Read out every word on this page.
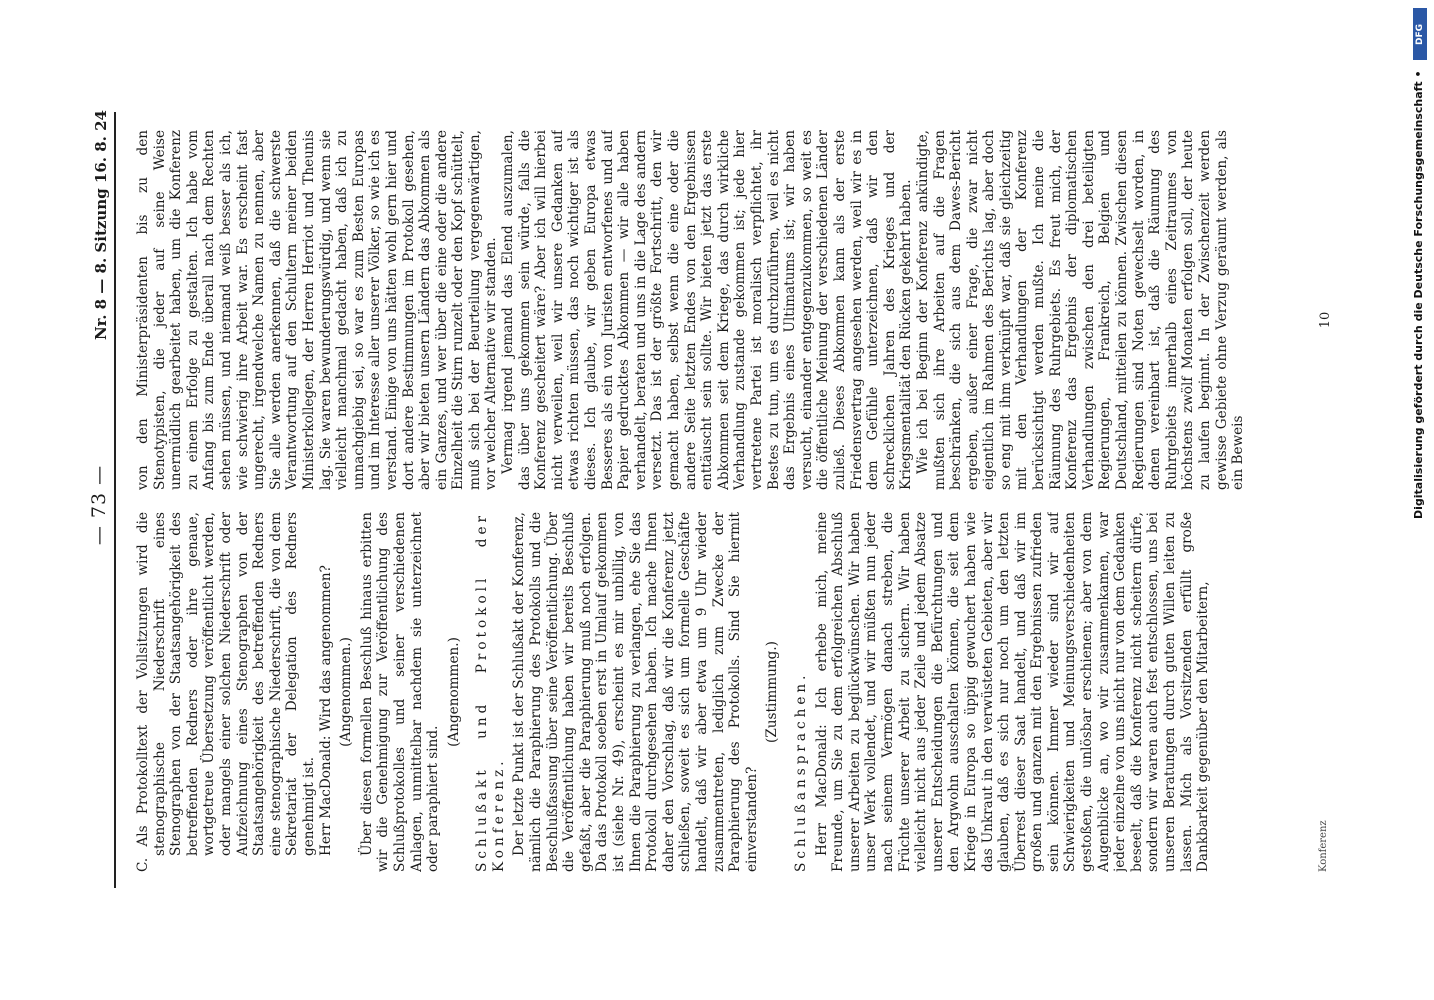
— 73 —
Nr. 8 — 8. Sitzung 16. 8. 24

C. Als Protokolltext der Vollsitzungen wird die stenographische Niederschrift eines Stenographen von der Staatsangehörigkeit des betreffenden Redners oder ihre genaue, wortgetreue Übersetzung veröffentlicht werden, oder mangels einer solchen Niederschrift oder Aufzeichnung eines Stenographen von der Staatsangehörigkeit des betreffenden Redners eine stenographische Niederschrift, die von dem Sekretariat der Delegation des Redners genehmigt ist. Herr MacDonald: Wird das angenommen? (Angenommen.) Über diesen formellen Beschluß hinaus erbitten wir die Genehmigung zur Veröffentlichung des Schlußprotokolles und seiner verschiedenen Anlagen, unmittelbar nachdem sie unterzeichnet oder paraphiert sind.

(Angenommen.) Schlußakt und Protokoll der Konferenz. Der letzte Punkt ist der Schlußakt der Konferenz, nämlich die Paraphierung des Protokolls und die Beschlußfassung über seine Veröffentlichung. Über die Veröffentlichung haben wir bereits Beschluß gefaßt, aber die Paraphierung muß noch erfolgen. Da das Protokoll soeben erst in Umlauf gekommen ist (siehe Nr. 49), erscheint es mir unbillig, von Ihnen die Paraphierung zu verlangen, ehe Sie das Protokoll durchgesehen haben. Ich mache Ihnen daher den Vorschlag, daß wir die Konferenz jetzt schließen, soweit es sich um formelle Geschäfte handelt, daß wir aber etwa um 9 Uhr wieder zusammentreten, lediglich zum Zwecke der Paraphierung des Protokolls. Sind Sie hiermit einverstanden?

(Zustimmung.) Schlußansprachen. Herr MacDonald: Ich erhebe mich, meine Freunde, um Sie zu dem erfolgreichen Abschluß unserer Arbeiten zu beglückwünschen. Wir haben unser Werk vollendet, und wir müßten nun jeder nach seinem Vermögen danach streben, die Früchte unserer Arbeit zu sichern. Wir haben vielleicht nicht aus jeder Zeile und jedem Absatze unserer Entscheidungen die Befürchtungen und den Argwohn ausschalten können, die seit dem Kriege in Europa so üppig gewuchert haben wie das Unkraut in den verwüsteten Gebieten, aber wir glauben, daß es sich nur noch um den letzten Überrest dieser Saat handelt, und daß wir im großen und ganzen mit den Ergebnissen zufrieden sein können. Immer wieder sind wir auf Schwierigkeiten und Meinungsverschiedenheiten gestoßen, die unlösbar erschienen; aber von dem Augenblicke an, wo wir zusammenkamen, war jeder einzelne von uns nicht nur von dem Gedanken beseelt, daß die Konferenz nicht scheitern dürfe, sondern wir waren auch fest entschlossen, uns bei unseren Beratungen durch guten Willen leiten zu lassen. Mich als Vorsitzenden erfüllt große Dankbarkeit gegenüber den Mitarbeitern,

von den Ministerpräsidenten bis zu den Stenotypisten, die jeder auf seine Weise unermüdlich gearbeitet haben, um die Konferenz zu einem Erfolge zu gestalten. Ich habe vom Anfang bis zum Ende überall nach dem Rechten sehen müssen, und niemand weiß besser als ich, wie schwierig ihre Arbeit war. Es erscheint fast ungerecht, irgendwelche Namen zu nennen, aber Sie alle werden anerkennen, daß die schwerste Verantwortung auf den Schultern meiner beiden Ministerkollegen, der Herren Herriot und Theunis lag. Sie waren bewunderungswürdig, und wenn sie vielleicht manchmal gedacht haben, daß ich zu unnachgiebig sei, so war es zum Besten Europas und im Interesse aller unserer Völker, so wie ich es verstand. Einige von uns hätten wohl gern hier und dort andere Bestimmungen im Protokoll gesehen, aber wir bieten unsern Ländern das Abkommen als ein Ganzes, und wer über die eine oder die andere Einzelheit die Stirn runzelt oder den Kopf schüttelt, muß sich bei der Beurteilung vergegenwärtigen, vor welcher Alternative wir standen. Vermag irgend jemand das Elend auszumalen, das über uns gekommen sein würde, falls die Konferenz gescheitert wäre? Aber ich will hierbei nicht verweilen, weil wir unsere Gedanken auf etwas richten müssen, das noch wichtiger ist als dieses. Ich glaube, wir geben Europa etwas Besseres als ein von Juristen entworfenes und auf Papier gedrucktes Abkommen — wir alle haben verhandelt, beraten und uns in die Lage des andern versetzt. Das ist der größte Fortschritt, den wir gemacht haben, selbst wenn die eine oder die andere Seite letzten Endes von den Ergebnissen enttäuscht sein sollte. Wir bieten jetzt das erste Abkommen seit dem Kriege, das durch wirkliche Verhandlung zustande gekommen ist; jede hier vertretene Partei ist moralisch verpflichtet, ihr Bestes zu tun, um es durchzuführen, weil es nicht das Ergebnis eines Ultimatums ist; wir haben versucht, einander entgegenzukommen, so weit es die öffentliche Meinung der verschiedenen Länder zuließ. Dieses Abkommen kann als der erste Friedensvertrag angesehen werden, weil wir es in dem Gefühle unterzeichnen, daß wir den schrecklichen Jahren des Krieges und der Kriegsmentalität den Rücken gekehrt haben. Wie ich bei Beginn der Konferenz ankündigte, mußten sich ihre Arbeiten auf die Fragen beschränken, die sich aus dem Dawes-Bericht ergeben, außer einer Frage, die zwar nicht eigentlich im Rahmen des Berichts lag, aber doch so eng mit ihm verknüpft war, daß sie gleichzeitig mit den Verhandlungen der Konferenz berücksichtigt werden mußte. Ich meine die Räumung des Ruhrgebiets. Es freut mich, der Konferenz das Ergebnis der diplomatischen Verhandlungen zwischen den drei beteiligten Regierungen, Frankreich, Belgien und Deutschland, mitteilen zu können. Zwischen diesen Regierungen sind Noten gewechselt worden, in denen vereinbart ist, daß die Räumung des Ruhrgebiets innerhalb eines Zeitraumes von höchstens zwölf Monaten erfolgen soll, der heute zu laufen beginnt. In der Zwischenzeit werden gewisse Gebiete ohne Verzug geräumt werden, als ein Beweis

Konferenz
10
DFG
Digitalisierung gefördert durch die Deutsche Forschungsgemeinschaft •
